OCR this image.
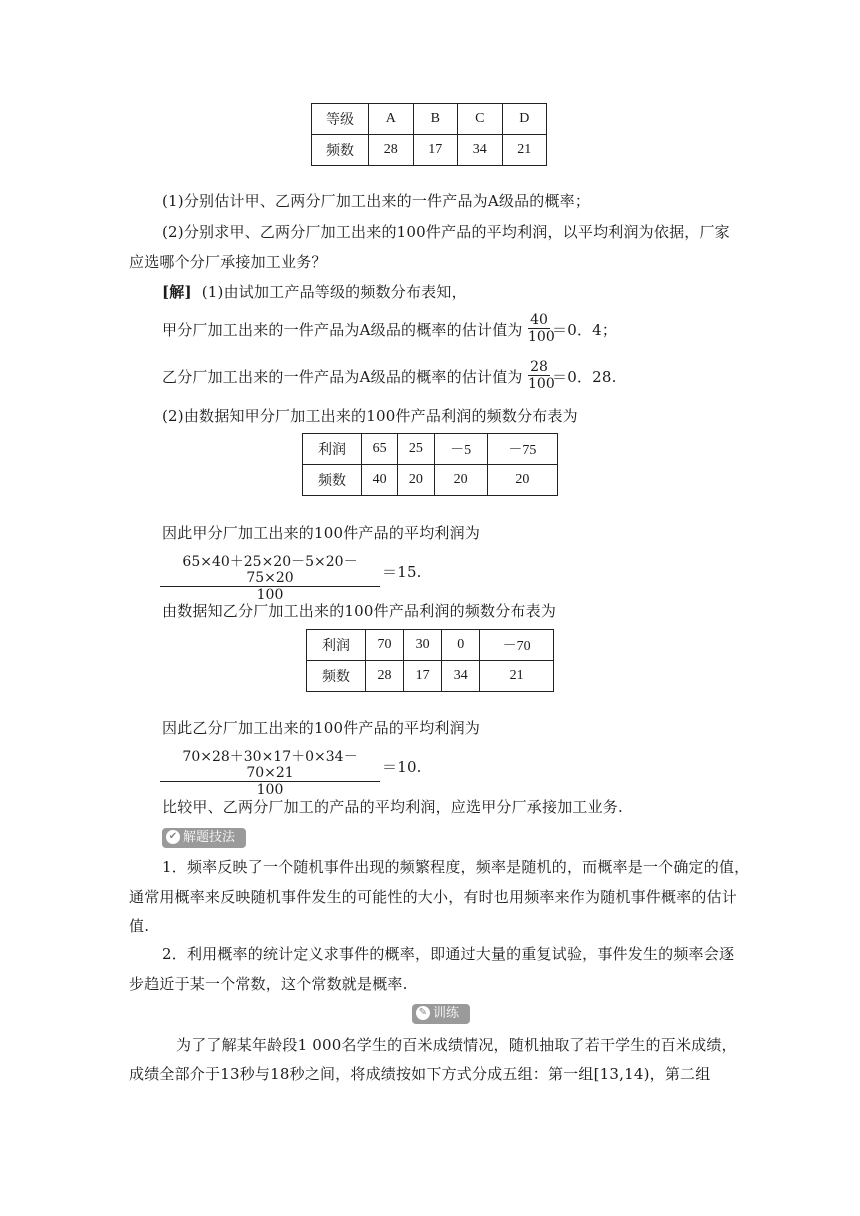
等级	A	B	C	D
频数	28	17	34	21
(1)分别估计甲、乙两分厂加工出来的一件产品为A级品的概率；
(2)分别求甲、乙两分厂加工出来的100件产品的平均利润，以平均利润为依据，厂家
应选哪个分厂承接加工业务？
[解] (1)由试加工产品等级的频数分布表知，
甲分厂加工出来的一件产品为A级品的概率的估计值为 $\frac{40}{100} =0$．4；
乙分厂加工出来的一件产品为A级品的概率的估计值为 $\frac{28}{100} =0$．28.
(2)由数据知甲分厂加工出来的100件产品利润的频数分布表为
利润	65	25	－5	－75
频数	40	20	20	20
因此甲分厂加工出来的100件产品的平均利润为
$\frac{65\times 40+25\times 20-5\times 20-75\times 20}{100} =15$.
由数据知乙分厂加工出来的100件产品利润的频数分布表为
利润	70	30	0	－70
频数	28	17	34	21
因此乙分厂加工出来的100件产品的平均利润为
$\frac{70\times 28+30\times 17+0\times 34-70\times 21}{100} =10$.
比较甲、乙两分厂加工的产品的平均利润，应选甲分厂承接加工业务.
✔ 解题技法
1．频率反映了一个随机事件出现的频繁程度，频率是随机的，而概率是一个确定的值，
通常用概率来反映随机事件发生的可能性的大小，有时也用频率来作为随机事件概率的估计
值.
2．利用概率的统计定义求事件的概率，即通过大量的重复试验，事件发生的频率会逐
步趋近于某一个常数，这个常数就是概率.
✎ 训练
为了了解某年龄段1 000名学生的百米成绩情况，随机抽取了若干学生的百米成绩，
成绩全部介于13秒与18秒之间，将成绩按如下方式分成五组：第一组[13,14)，第二组
